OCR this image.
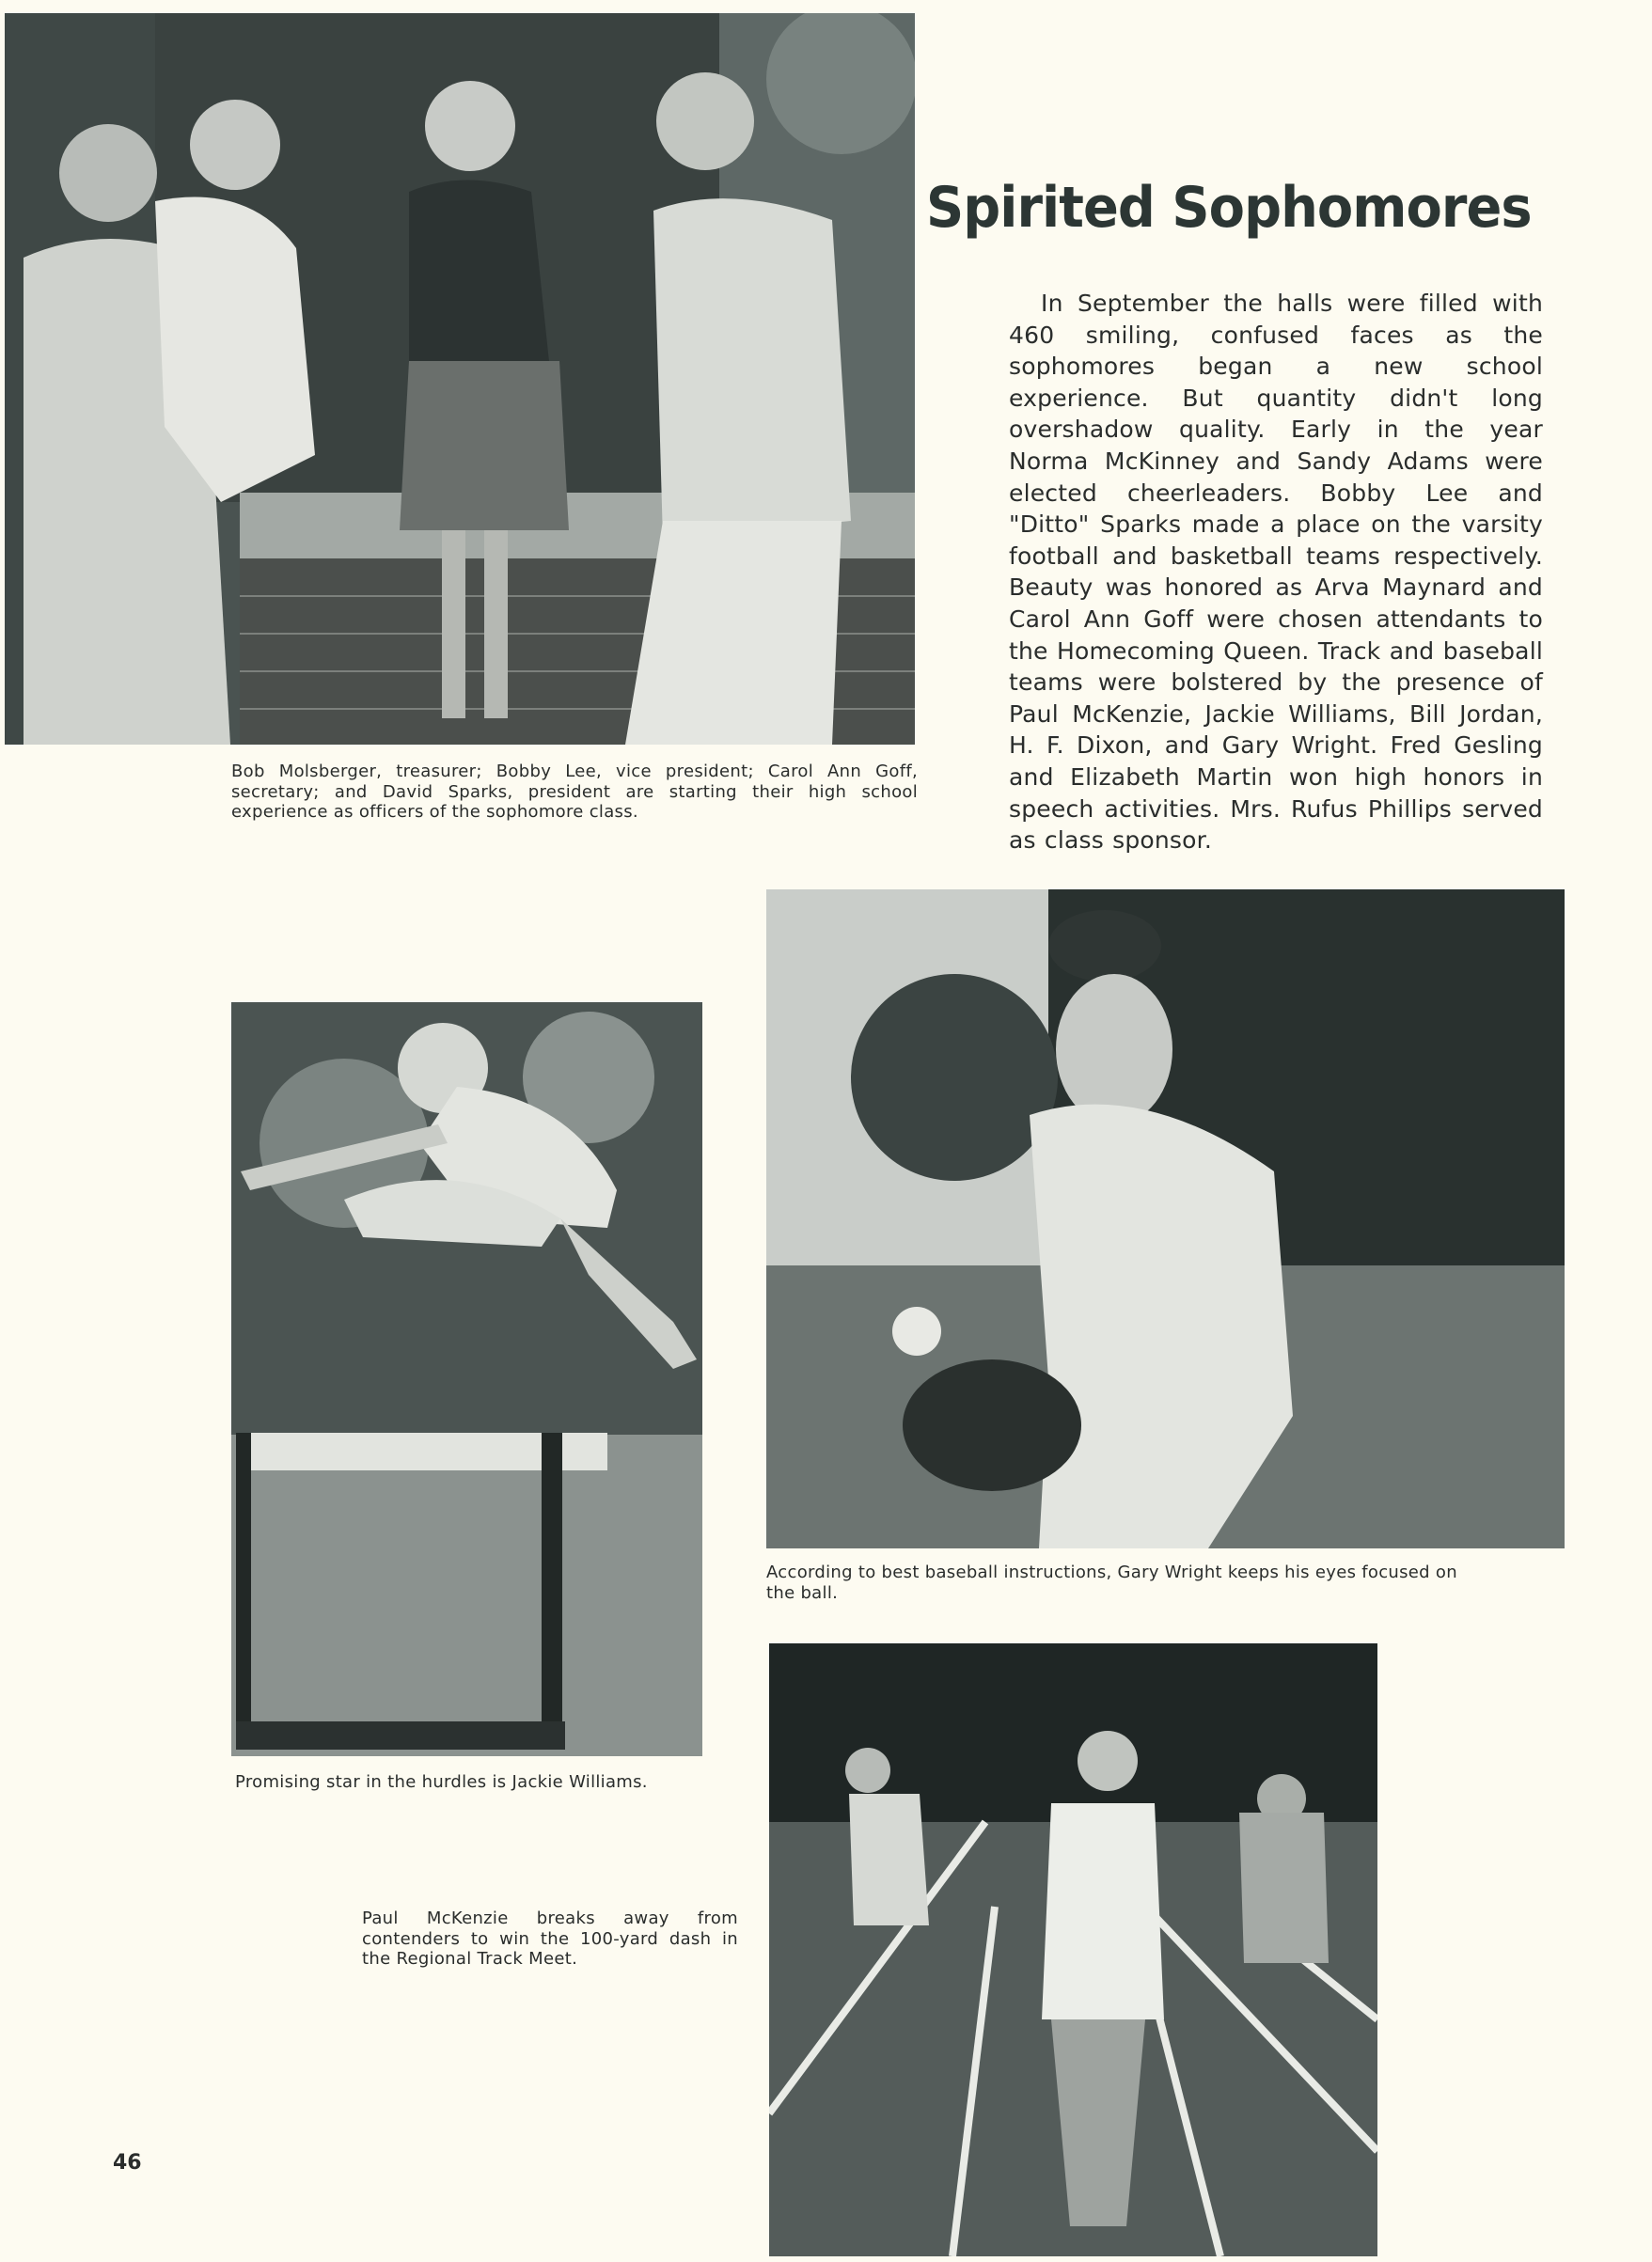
Spirited Sophomores
In September the halls were filled with 460 smiling, confused faces as the sophomores began a new school experience. But quantity didn't long overshadow quality. Early in the year Norma McKinney and Sandy Adams were elected cheerleaders. Bobby Lee and "Ditto" Sparks made a place on the varsity football and basketball teams respectively. Beauty was honored as Arva Maynard and Carol Ann Goff were chosen attendants to the Homecoming Queen. Track and baseball teams were bolstered by the presence of Paul McKenzie, Jackie Williams, Bill Jordan, H. F. Dixon, and Gary Wright. Fred Gesling and Elizabeth Martin won high honors in speech activities. Mrs. Rufus Phillips served as class sponsor.
Bob Molsberger, treasurer; Bobby Lee, vice president; Carol Ann Goff, secretary; and David Sparks, president are starting their high school experience as officers of the sophomore class.
According to best baseball instructions, Gary Wright keeps his eyes focused on the ball.
Promising star in the hurdles is Jackie Williams.
Paul McKenzie breaks away from contenders to win the 100-yard dash in the Regional Track Meet.
46
